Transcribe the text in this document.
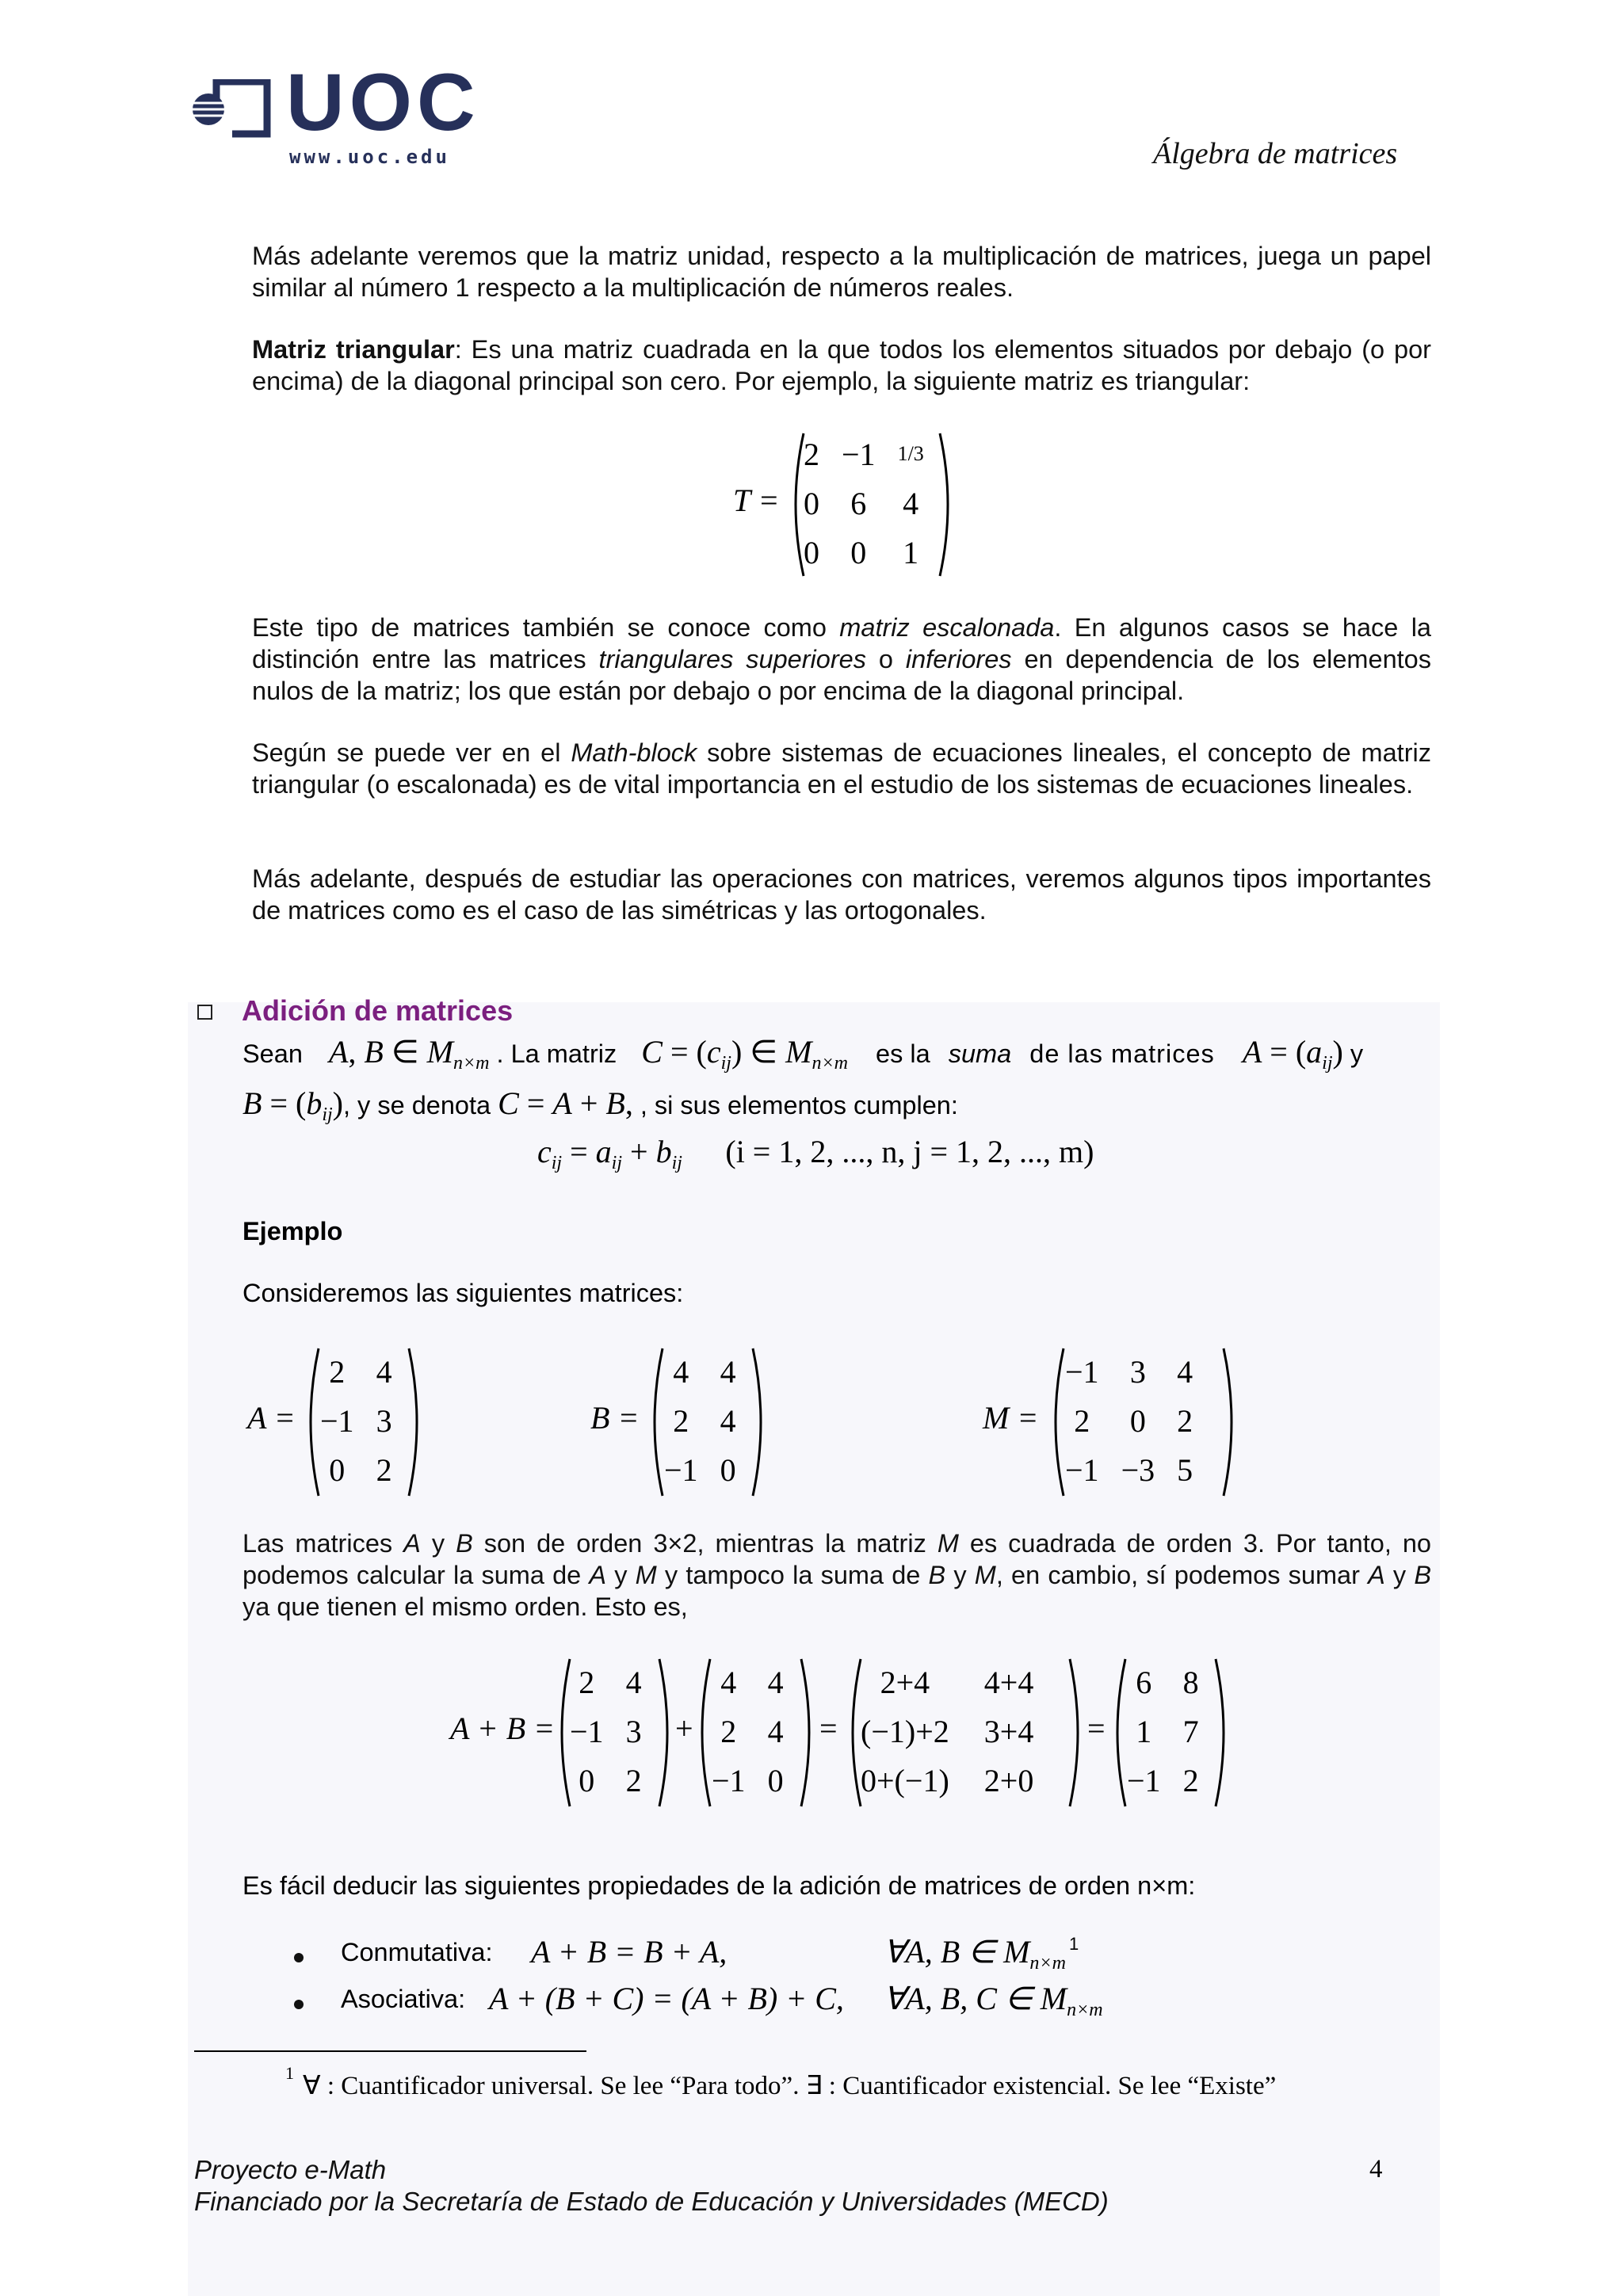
UOC
www.uoc.edu	Álgebra de matrices
Más adelante veremos que la matriz unidad, respecto a la multiplicación de matrices, juega un papel similar al número 1 respecto a la multiplicación de números reales.
Matriz triangular: Es una matriz cuadrada en la que todos los elementos situados por debajo (o por encima) de la diagonal principal son cero. Por ejemplo, la siguiente matriz es triangular:
T =
2	−1	1/3
0	6	4
0	0	1
Este tipo de matrices también se conoce como matriz escalonada. En algunos casos se hace la distinción entre las matrices triangulares superiores o inferiores en dependencia de los elementos nulos de la matriz; los que están por debajo o por encima de la diagonal principal.
Según se puede ver en el Math-block sobre sistemas de ecuaciones lineales, el concepto de matriz triangular (o escalonada) es de vital importancia en el estudio de los sistemas de ecuaciones lineales.
Más adelante, después de estudiar las operaciones con matrices, veremos algunos tipos importantes de matrices como es el caso de las simétricas y las ortogonales.
Adición de matrices
Sean A, B ∈ $M_{n\times m}$ . La matriz $C = (c_{ij})$ ∈ $M_{n\times m}$ es la suma de las matrices $A = (a_{ij})$ y
$B = (b_{ij})$, y se denota C = A + B, , si sus elementos cumplen:
cij = aij + bij (i = 1, 2, ..., n, j = 1, 2, ..., m)
Ejemplo
Consideremos las siguientes matrices:
A =
2	4
−1	3
0	2
B =
4	4
2	4
−1	0
M =
−1	3	4
2	0	2
−1	−3	5
Las matrices A y B son de orden 3×2, mientras la matriz M es cuadrada de orden 3. Por tanto, no podemos calcular la suma de A y M y tampoco la suma de B y M, en cambio, sí podemos sumar A y B ya que tienen el mismo orden. Esto es,
A + B =
2	4
−1	3
0	2
+
4	4
2	4
−1	0
=
2+4	4+4
(−1)+2	3+4
0+(−1)	2+0
=
6	8
1	7
−1	2
Es fácil deducir las siguientes propiedades de la adición de matrices de orden n×m:
Conmutativa: A + B = B + A,	∀A, B ∈ $Mn\times m^1$
Asociativa: A + (B + C) = (A + B) + C, ∀A, B, C ∈ Mn×m
1 ∀ : Cuantificador universal. Se lee “Para todo”. ∃ : Cuantificador existencial. Se lee “Existe”
Proyecto e-Math
Financiado por la Secretaría de Estado de Educación y Universidades (MECD)
4
